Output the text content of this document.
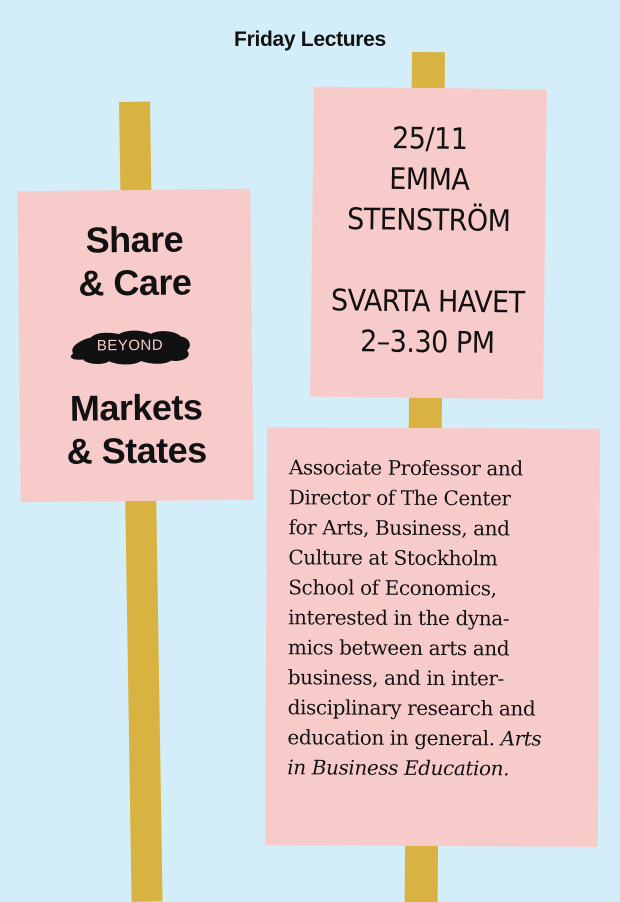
Friday Lectures
Share
& Care
BEYOND
Markets
& States
25/11
EMMA
STENSTRÖM
SVARTA HAVET
2–3.30 PM
Associate Professor and
Director of The Center
for Arts, Business, and
Culture at Stockholm
School of Economics,
interested in the dyna-
mics between arts and
business, and in inter-
disciplinary research and
education in general. Arts
in Business Education.
